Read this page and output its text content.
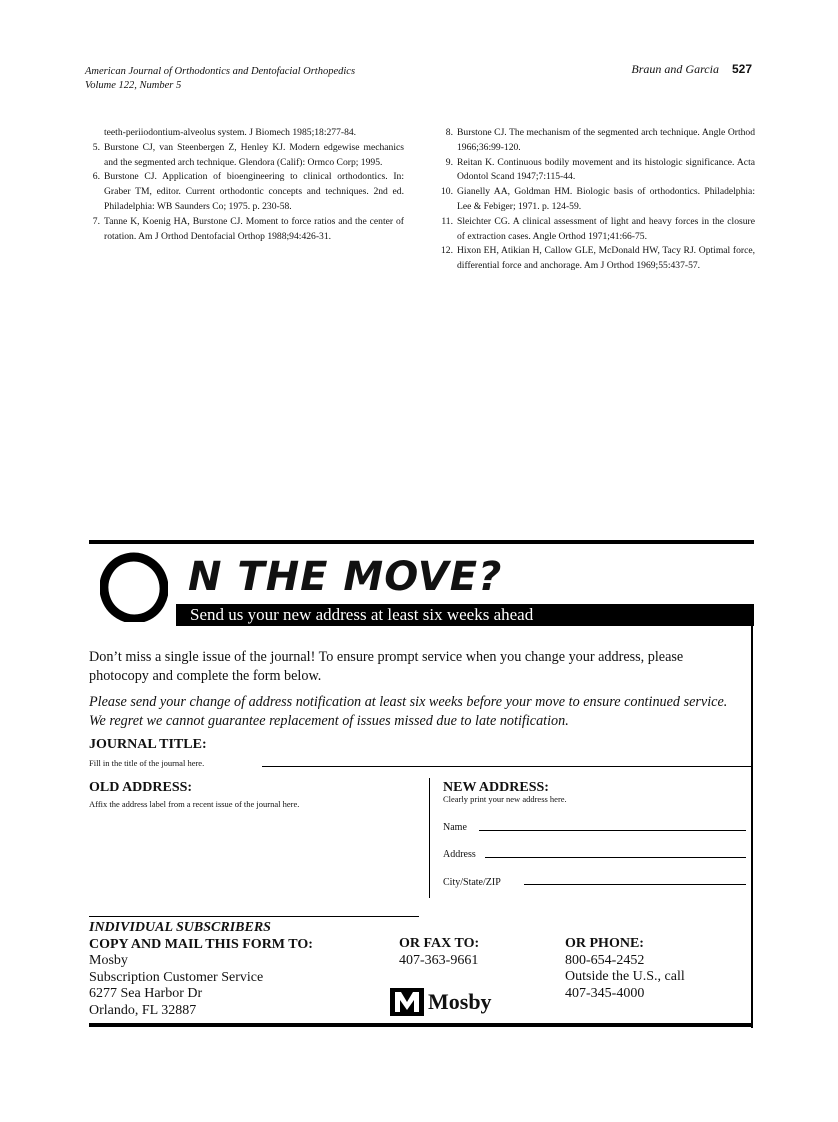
American Journal of Orthodontics and Dentofacial Orthopedics
Volume 122, Number 5
Braun and Garcia 527

teeth-periiodontium-alveolus system. J Biomech 1985;18:277-84.

5. Burstone CJ, van Steenbergen Z, Henley KJ. Modern edgewise mechanics and the segmented arch technique. Glendora (Calif): Ormco Corp; 1995.

6. Burstone CJ. Application of bioengineering to clinical orthodontics. In: Graber TM, editor. Current orthodontic concepts and techniques. 2nd ed. Philadelphia: WB Saunders Co; 1975. p. 230-58.

7. Tanne K, Koenig HA, Burstone CJ. Moment to force ratios and the center of rotation. Am J Orthod Dentofacial Orthop 1988;94:426-31.

8. Burstone CJ. The mechanism of the segmented arch technique. Angle Orthod 1966;36:99-120.

9. Reitan K. Continuous bodily movement and its histologic significance. Acta Odontol Scand 1947;7:115-44.

10. Gianelly AA, Goldman HM. Biologic basis of orthodontics. Philadelphia: Lee & Febiger; 1971. p. 124-59.

11. Sleichter CG. A clinical assessment of light and heavy forces in the closure of extraction cases. Angle Orthod 1971;41:66-75.

12. Hixon EH, Atikian H, Callow GLE, McDonald HW, Tacy RJ. Optimal force, differential force and anchorage. Am J Orthod 1969;55:437-57.

N THE MOVE?
Send us your new address at least six weeks ahead
Don’t miss a single issue of the journal! To ensure prompt service when you change your address, please photocopy and complete the form below.
Please send your change of address notification at least six weeks before your move to ensure continued service. We regret we cannot guarantee replacement of issues missed due to late notification.
JOURNAL TITLE:
Fill in the title of the journal here.
OLD ADDRESS:
Affix the address label from a recent issue of the journal here.
NEW ADDRESS:
Clearly print your new address here.
Name
Address
City/State/ZIP
INDIVIDUAL SUBSCRIBERS
COPY AND MAIL THIS FORM TO:
Mosby
Subscription Customer Service
6277 Sea Harbor Dr
Orlando, FL 32887
OR FAX TO:
407-363-9661
OR PHONE:
800-654-2452
Outside the U.S., call
407-345-4000
Mosby
